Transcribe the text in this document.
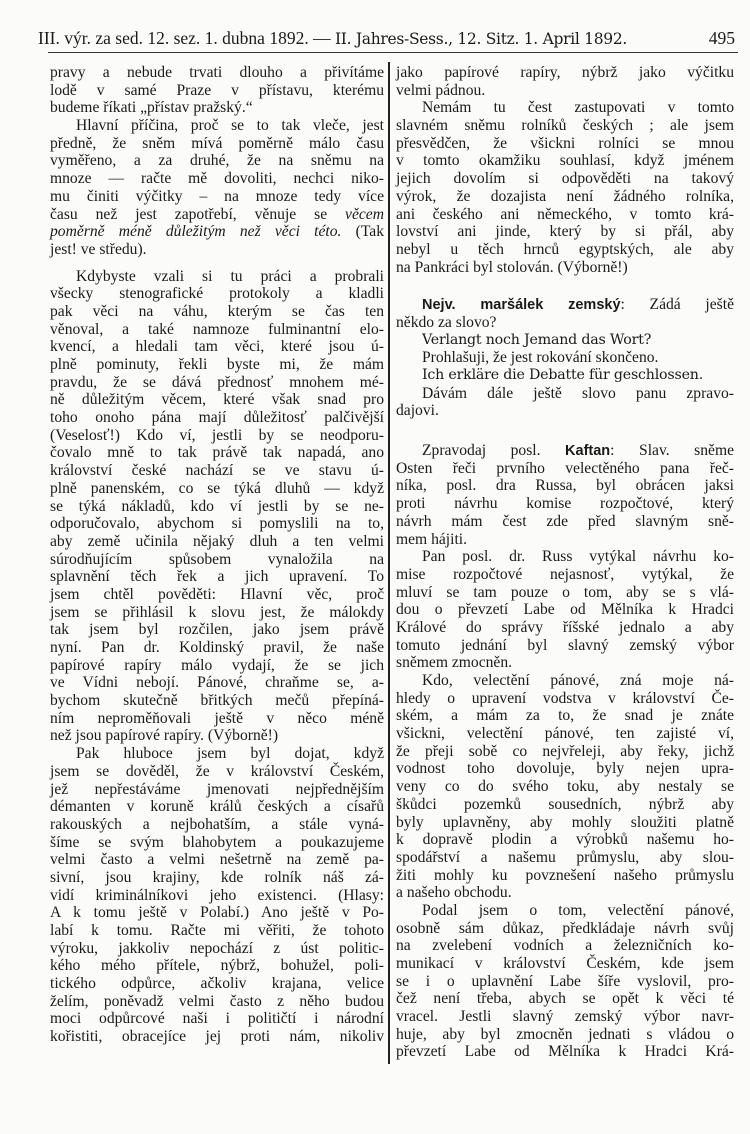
III. výr. za sed. 12. sez. 1. dubna 1892. — II. Jahres-Sess., 12. Sitz. 1. April 1892.	495
pravy a nebude trvati dlouho a přivítáme
lodě v samé Praze v přístavu, kterému
budeme říkati „přístav pražský.“
Hlavní příčina, proč se to tak vleče, jest
předně, že sněm mívá poměrně málo času
vyměřeno, a za druhé, že na sněmu na
mnoze — račte mě dovoliti, nechci niko-
mu činiti výčitky – na mnoze tedy více
času než jest zapotřebí, věnuje se věcem
poměrně méně důležitým než věci této. (Tak
jest! ve středu).
Kdybyste vzali si tu práci a probrali
všecky stenografické protokoly a kladli
pak věci na váhu, kterým se čas ten
věnoval, a také namnoze fulminantní elo-
kvencí, a hledali tam věci, které jsou ú-
plně pominuty, řekli byste mi, že mám
pravdu, že se dává přednosť mnohem mé-
ně důležitým věcem, které však snad pro
toho onoho pána mají důležitosť palčivější
(Veselosť!) Kdo ví, jestli by se neodporu-
čovalo mně to tak právě tak napadá, ano
království české nachází se ve stavu ú-
plně panenském, co se týká dluhů — když
se týká nákladů, kdo ví jestli by se ne-
odporučovalo, abychom si pomyslili na to,
aby země učinila nějaký dluh a ten velmi
súrodňujícím spůsobem vynaložila na
splavnění těch řek a jich upravení. To
jsem chtěl pověděti: Hlavní věc, proč
jsem se přihlásil k slovu jest, že málokdy
tak jsem byl rozčilen, jako jsem právě
nyní. Pan dr. Koldinský pravil, že naše
papírové rapíry málo vydají, že se jich
ve Vídni nebojí. Pánové, chraňme se, a-
bychom skutečně břitkých mečů přepíná-
ním neproměňovali ještě v něco méně
než jsou papírové rapíry. (Výborně!)
Pak hluboce jsem byl dojat, když
jsem se dověděl, že v království Českém,
jež nepřestáváme jmenovati nejpřednějším
démanten v koruně králů českých a císařů
rakouských a nejbohatším, a stále vyná-
šíme se svým blahobytem a poukazujeme
velmi často a velmi nešetrně na země pa-
sivní, jsou krajiny, kde rolník náš zá-
vidí kriminálníkovi jeho existenci. (Hlasy:
A k tomu ještě v Polabí.) Ano ještě v Po-
labí k tomu. Račte mi věřiti, že tohoto
výroku, jakkoliv nepochází z úst politic-
kého mého přítele, nýbrž, bohužel, poli-
tického odpůrce, ačkoliv krajana, velice
želím, poněvadž velmi často z něho budou
moci odpůrcové naši i političtí i národní
kořistiti, obracejíce jej proti nám, nikoliv
jako papírové rapíry, nýbrž jako výčitku
velmi pádnou.
Nemám tu čest zastupovati v tomto
slavném sněmu rolníků českých ; ale jsem
přesvědčen, že všickni rolníci se mnou
v tomto okamžiku souhlasí, když jménem
jejich dovolím si odpověděti na takový
výrok, že dozajista není žádného rolníka,
ani českého ani německého, v tomto krá-
lovství ani jinde, který by si přál, aby
nebyl u těch hrnců egyptských, ale aby
na Pankráci byl stolován. (Výborně!)
Nejv. maršálek zemský: Zádá ještě
někdo za slovo?
Verlangt noch Jemand das Wort?
Prohlašuji, že jest rokování skončeno.
Ich erkläre die Debatte für geschlossen.
Dávám dále ještě slovo panu zpravo-
dajovi.
Zpravodaj posl. Kaftan: Slav. sněme
Osten řeči prvního velectěného pana řeč-
níka, posl. dra Russa, byl obrácen jaksi
proti návrhu komise rozpočtové, který
návrh mám čest zde před slavným sně-
mem hájiti.
Pan posl. dr. Russ vytýkal návrhu ko-
mise rozpočtové nejasnosť, vytýkal, že
mluví se tam pouze o tom, aby se s vlá-
dou o převzetí Labe od Mělníka k Hradci
Králové do správy říšské jednalo a aby
tomuto jednání byl slavný zemský výbor
sněmem zmocněn.
Kdo, velectění pánové, zná moje ná-
hledy o upravení vodstva v království Če-
ském, a mám za to, že snad je znáte
všickni, velectění pánové, ten zajisté ví,
že přeji sobě co nejvřeleji, aby řeky, jichž
vodnost toho dovoluje, byly nejen upra-
veny co do svého toku, aby nestaly se
škůdci pozemků sousedních, nýbrž aby
byly uplavněny, aby mohly sloužiti platně
k dopravě plodin a výrobků našemu ho-
spodářství a našemu průmyslu, aby slou-
žiti mohly ku povznešení našeho průmyslu
a našeho obchodu.
Podal jsem o tom, velectění pánové,
osobně sám důkaz, předkládaje návrh svůj
na zvelebení vodních a železničních ko-
munikací v království Českém, kde jsem
se i o uplavnění Labe šíře vyslovil, pro-
čež není třeba, abych se opět k věci té
vracel. Jestli slavný zemský výbor navr-
huje, aby byl zmocněn jednati s vládou o
převzetí Labe od Mělníka k Hradci Krá-
